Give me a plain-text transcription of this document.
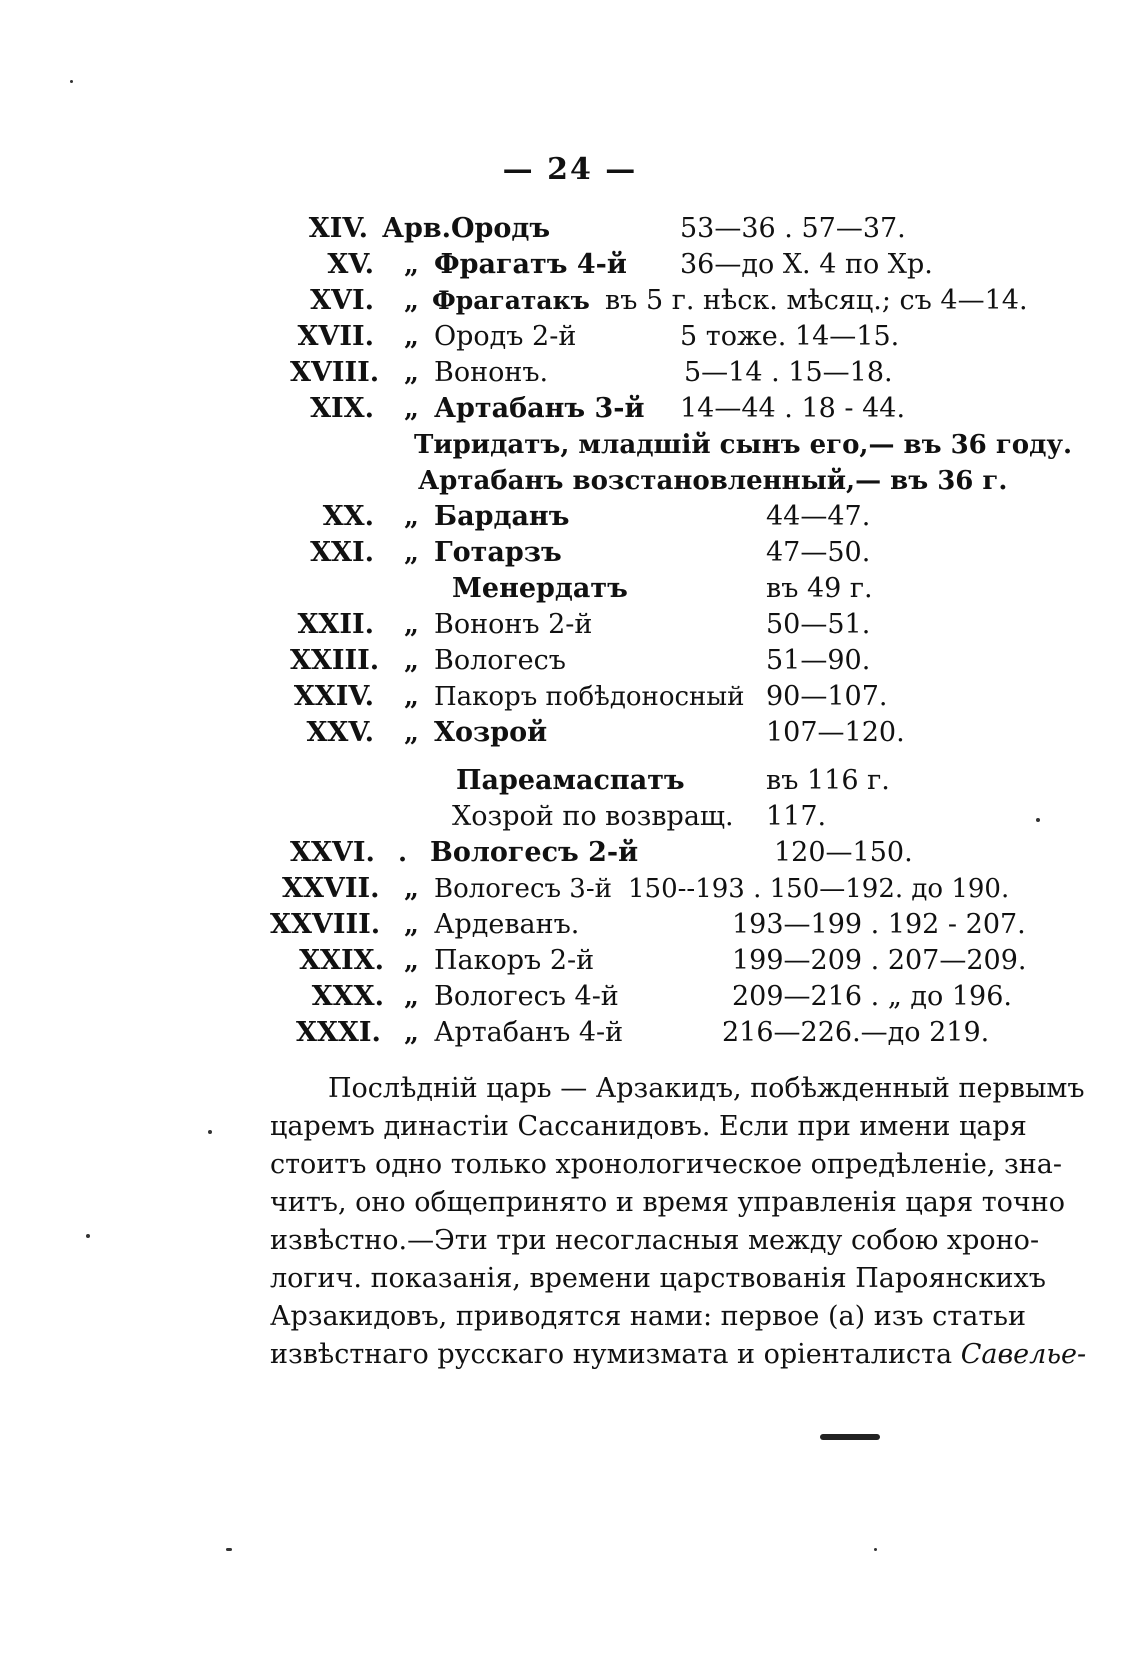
— 24 —
XIV. Арв.Ородъ	53—36 . 57—37.
XV. „ Фрагатъ 4-й 36—до Х. 4 по Хр.
XVI. „ Фрагатакъ въ 5 г. нѣск. мѣсяц.; съ 4—14.
XVII. „ Ородъ 2-й	5 тоже. 14—15.
XVIII. „ Вононъ.	5—14 . 15—18.
XIX. „ Артабанъ 3-й 14—44 . 18 - 44.
Тиридатъ, младшій сынъ его,— въ 36 году.
Артабанъ возстановленный,— въ 36 г.
XX. „ Барданъ	44—47.
XXI. „ Готарзъ	47—50.
Менердатъ	въ 49 г.
XXII. „ Вононъ 2-й	50—51.
XXIII. „ Вологесъ	51—90.
XXIV. „ Пакоръ побѣдоносный 90—107.
XXV. „ Хозрой	107—120.
Пареамаспатъ	въ 116 г.
Хозрой по возвращ. 117.
XXVI. . Вологесъ 2-й	120—150.
XXVII. „ Вологесъ 3-й 150--193 . 150—192. до 190.
XXVIII. „ Ардеванъ.	193—199 . 192 - 207.
XXIX. „ Пакоръ 2-й	199—209 . 207—209.
XXX. „ Вологесъ 4-й	209—216 . „ до 196.
XXXI. „ Артабанъ 4-й	216—226.—до 219.
Послѣдній царь — Арзакидъ, побѣжденный первымъ
царемъ династіи Сассанидовъ. Если при имени царя
стоитъ одно только хронологическое опредѣленіе, зна-
читъ, оно общепринято и время управленія царя точно
извѣстно.—Эти три несогласныя между собою хроно-
логич. показанія, времени царствованія Пароянскихъ
Арзакидовъ, приводятся нами: первое (а) изъ статьи
извѣстнаго русскаго нумизмата и оріенталиста Савелье-
